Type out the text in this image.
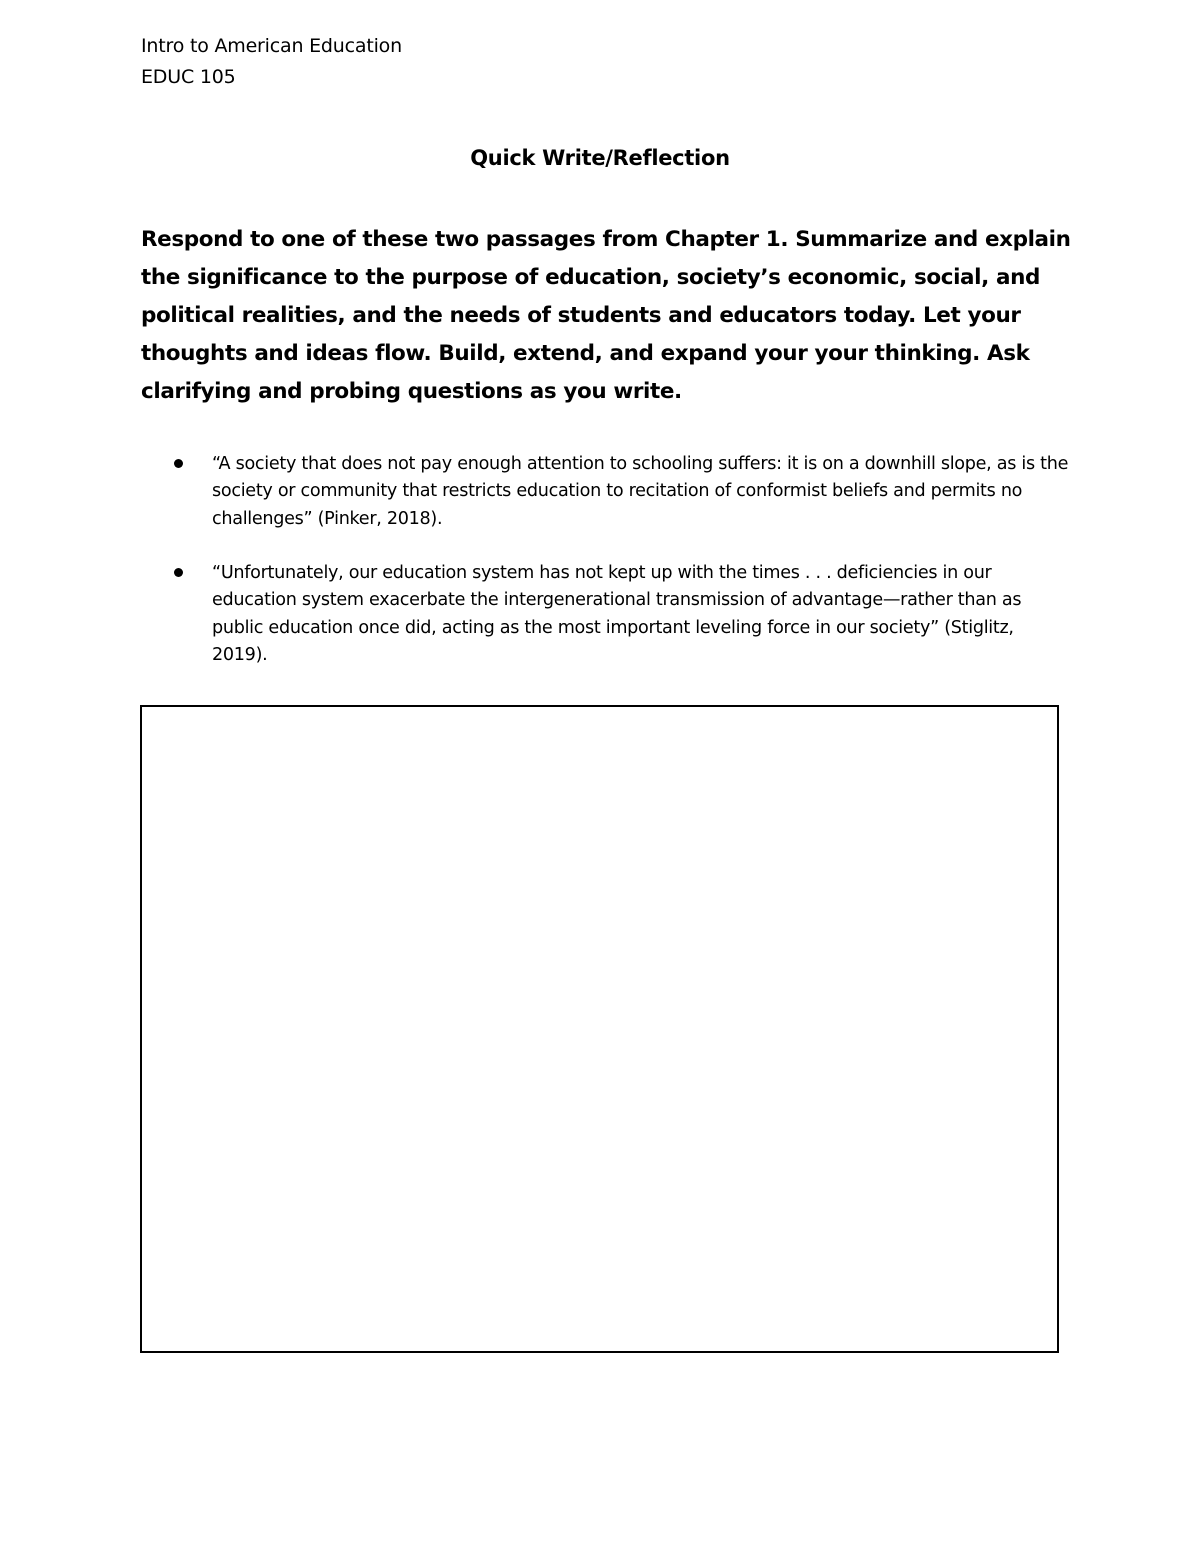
Intro to American Education
EDUC 105
Quick Write/Reflection
Respond to one of these two passages from Chapter 1. Summarize and explain the significance to the purpose of education, society’s economic, social, and political realities, and the needs of students and educators today. Let your thoughts and ideas flow. Build, extend, and expand your your thinking. Ask clarifying and probing questions as you write.
“A society that does not pay enough attention to schooling suffers: it is on a downhill slope, as is the society or community that restricts education to recitation of conformist beliefs and permits no challenges” (Pinker, 2018).
“Unfortunately, our education system has not kept up with the times . . . deficiencies in our education system exacerbate the intergenerational transmission of advantage—rather than as public education once did, acting as the most important leveling force in our society” (Stiglitz, 2019).
